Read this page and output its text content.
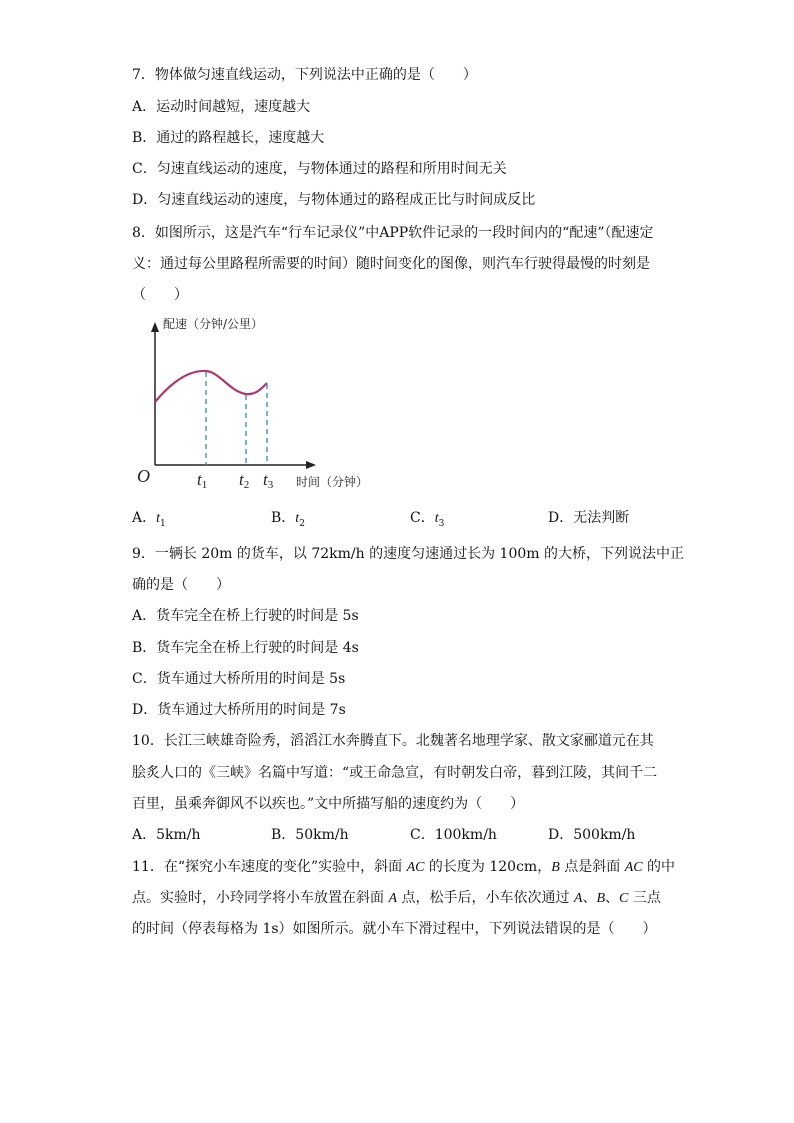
7．物体做匀速直线运动，下列说法中正确的是（　　）
A．运动时间越短，速度越大
B．通过的路程越长，速度越大
C．匀速直线运动的速度，与物体通过的路程和所用时间无关
D．匀速直线运动的速度，与物体通过的路程成正比与时间成反比
8．如图所示，这是汽车“行车记录仪”中APP软件记录的一段时间内的“配速”（配速定
义：通过每公里路程所需要的时间）随时间变化的图像，则汽车行驶得最慢的时刻是
（　　）
配速（分钟/公里）
时间（分钟）
O	t1 t2 t3
A．$t_1$	B．$t_2$	C．$t_3$	D．无法判断
9．一辆长 20m 的货车，以 72km/h 的速度匀速通过长为 100m 的大桥，下列说法中正
确的是（　　）
A．货车完全在桥上行驶的时间是 5s
B．货车完全在桥上行驶的时间是 4s
C．货车通过大桥所用的时间是 5s
D．货车通过大桥所用的时间是 7s
10．长江三峡雄奇险秀，滔滔江水奔腾直下。北魏著名地理学家、散文家郦道元在其
脍炙人口的《三峡》名篇中写道：“或王命急宣，有时朝发白帝，暮到江陵，其间千二
百里，虽乘奔御风不以疾也。”文中所描写船的速度约为（　　）
A．5km/h	B．50km/h	C．100km/h	D．500km/h
11．在“探究小车速度的变化”实验中，斜面 AC 的长度为 120cm，B 点是斜面 AC 的中
点。实验时，小玲同学将小车放置在斜面 A 点，松手后，小车依次通过 A、B、C 三点
的时间（停表每格为 1s）如图所示。就小车下滑过程中，下列说法错误的是（　　）
